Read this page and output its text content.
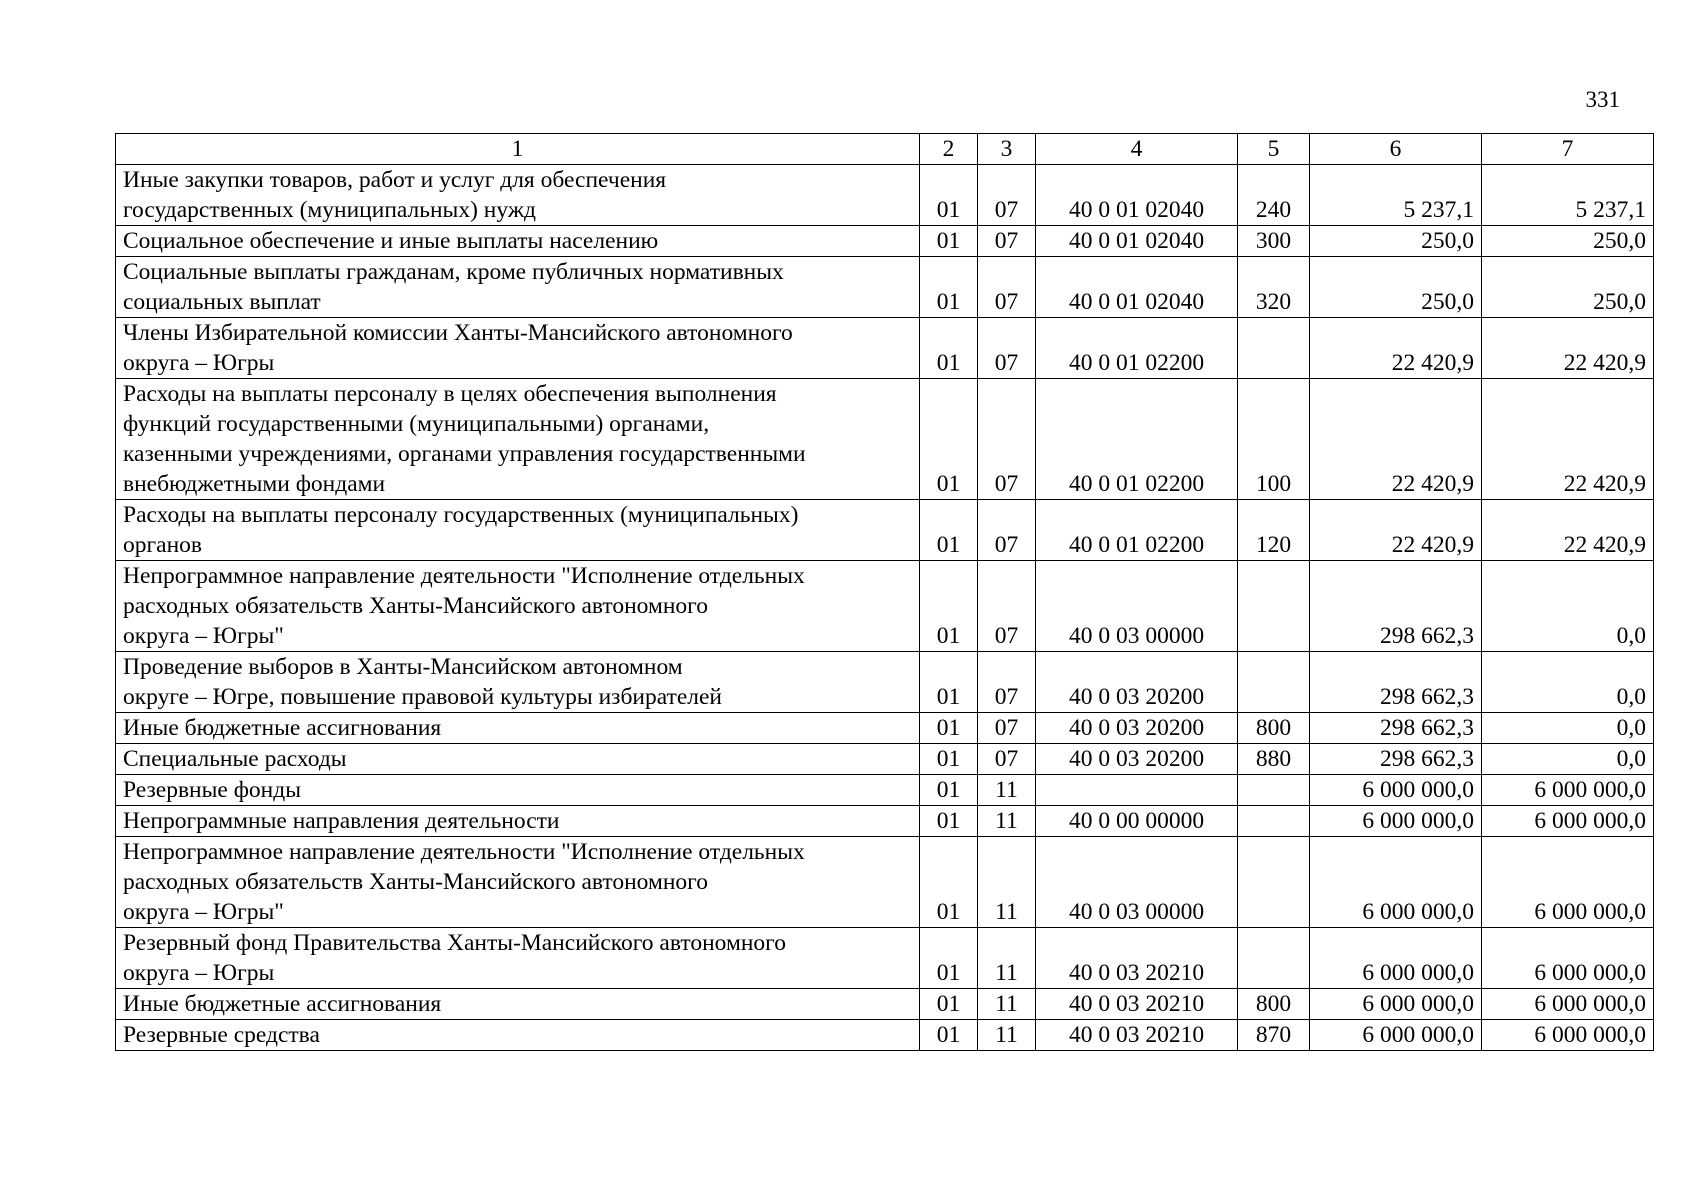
331
1	2	3	4	5	6	7

Иные закупки товаров, работ и услуг для обеспечения
государственных (муниципальных) нужд	01	07	40 0 01 02040	240	5 237,1	5 237,1

Социальное обеспечение и иные выплаты населению	01	07	40 0 01 02040	300	250,0	250,0

Социальные выплаты гражданам, кроме публичных нормативных
социальных выплат	01	07	40 0 01 02040	320	250,0	250,0

Члены Избирательной комиссии Ханты-Мансийского автономного
округа – Югры	01	07	40 0 01 02200		22 420,9	22 420,9

Расходы на выплаты персоналу в целях обеспечения выполнения
функций государственными (муниципальными) органами,
казенными учреждениями, органами управления государственными
внебюджетными фондами	01	07	40 0 01 02200	100	22 420,9	22 420,9

Расходы на выплаты персоналу государственных (муниципальных)
органов	01	07	40 0 01 02200	120	22 420,9	22 420,9

Непрограммное направление деятельности "Исполнение отдельных
расходных обязательств Ханты-Мансийского автономного
округа – Югры"	01	07	40 0 03 00000		298 662,3	0,0

Проведение выборов в Ханты-Мансийском автономном
округе – Югре, повышение правовой культуры избирателей	01	07	40 0 03 20200		298 662,3	0,0

Иные бюджетные ассигнования	01	07	40 0 03 20200	800	298 662,3	0,0

Специальные расходы	01	07	40 0 03 20200	880	298 662,3	0,0

Резервные фонды	01	11			6 000 000,0	6 000 000,0

Непрограммные направления деятельности	01	11	40 0 00 00000		6 000 000,0	6 000 000,0

Непрограммное направление деятельности "Исполнение отдельных
расходных обязательств Ханты-Мансийского автономного
округа – Югры"	01	11	40 0 03 00000		6 000 000,0	6 000 000,0

Резервный фонд Правительства Ханты-Мансийского автономного
округа – Югры	01	11	40 0 03 20210		6 000 000,0	6 000 000,0

Иные бюджетные ассигнования	01	11	40 0 03 20210	800	6 000 000,0	6 000 000,0

Резервные средства	01	11	40 0 03 20210	870	6 000 000,0	6 000 000,0
